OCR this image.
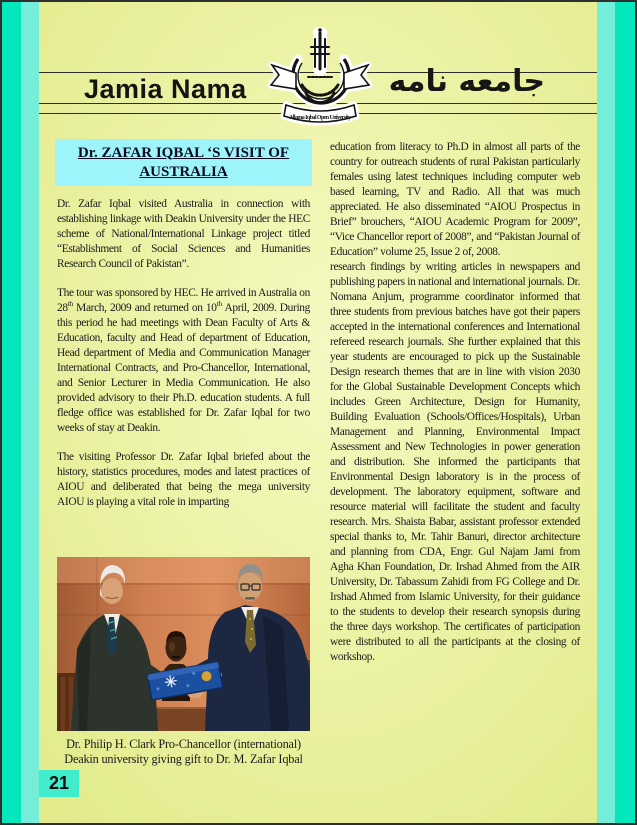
Jamia Nama	جامعه نامه
Allama Iqbal Open University
Dr. ZAFAR IQBAL ‘S VISIT OF AUSTRALIA

Dr. Zafar Iqbal visited Australia in connection with establishing linkage with Deakin University under the HEC scheme of National/International Linkage project titled “Establishment of Social Sciences and Humanities Research Council of Pakistan”.

The tour was sponsored by HEC. He arrived in Australia on 28th March, 2009 and returned on 10th April, 2009. During this period he had meetings with Dean Faculty of Arts & Education, faculty and Head of department of Education, Head department of Media and Communication Manager International Contracts, and Pro-Chancellor, International, and Senior Lecturer in Media Communication. He also provided advisory to their Ph.D. education students. A full fledge office was established for Dr. Zafar Iqbal for two weeks of stay at Deakin.

The visiting Professor Dr. Zafar Iqbal briefed about the history, statistics procedures, modes and latest practices of AIOU and deliberated that being the mega university AIOU is playing a vital role in imparting

education from literacy to Ph.D in almost all parts of the country for outreach students of rural Pakistan particularly females using latest techniques including computer web based learning, TV and Radio. All that was much appreciated. He also disseminated “AIOU Prospectus in Brief” brouchers, “AIOU Academic Program for 2009”, “Vice Chancellor report of 2008”, and “Pakistan Journal of Education” volume 25, Issue 2 of, 2008.

research findings by writing articles in newspapers and publishing papers in national and international journals. Dr. Nomana Anjum, programme coordinator informed that three students from previous batches have got their papers accepted in the international conferences and International refereed research journals. She further explained that this year students are encouraged to pick up the Sustainable Design research themes that are in line with vision 2030 for the Global Sustainable Development Concepts which includes Green Architecture, Design for Humanity, Building Evaluation (Schools/Offices/Hospitals), Urban Management and Planning, Environmental Impact Assessment and New Technologies in power generation and distribution. She informed the participants that Environmental Design laboratory is in the process of development. The laboratory equipment, software and resource material will facilitate the student and faculty research. Mrs. Shaista Babar, assistant professor extended special thanks to, Mr. Tahir Banuri, director architecture and planning from CDA, Engr. Gul Najam Jami from Agha Khan Foundation, Dr. Irshad Ahmed from the AIR University, Dr. Tabassum Zahidi from FG College and Dr. Irshad Ahmed from Islamic University, for their guidance to the students to develop their research synopsis during the three days workshop. The certificates of participation were distributed to all the participants at the closing of workshop.

Dr. Philip H. Clark Pro-Chancellor (international)
Deakin university giving gift to Dr. M. Zafar Iqbal
21
